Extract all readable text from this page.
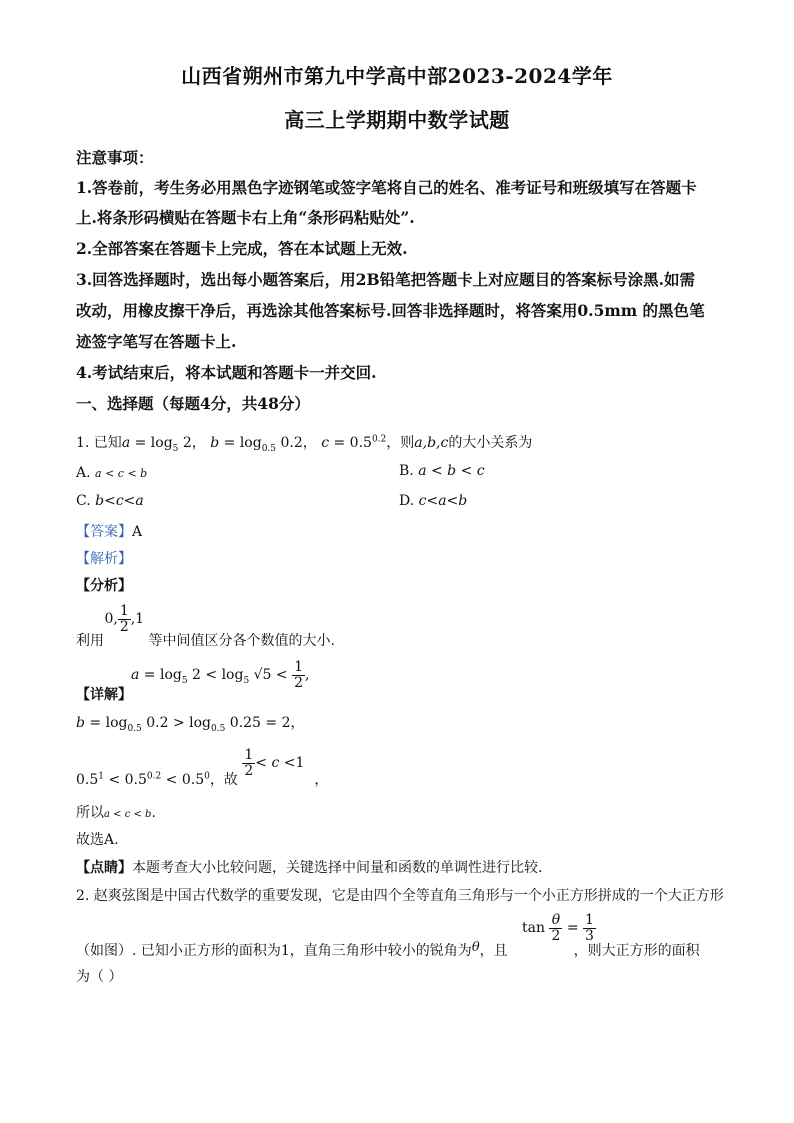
山西省朔州市第九中学高中部2023-2024学年
高三上学期期中数学试题
注意事项：
1.答卷前，考生务必用黑色字迹钢笔或签字笔将自己的姓名、准考证号和班级填写在答题卡
上.将条形码横贴在答题卡右上角“条形码粘贴处”.
2.全部答案在答题卡上完成，答在本试题上无效.
3.回答选择题时，选出每小题答案后，用2B铅笔把答题卡上对应题目的答案标号涂黑.如需
改动，用橡皮擦干净后，再选涂其他答案标号.回答非选择题时，将答案用0.5mm 的黑色笔
迹签字笔写在答题卡上.
4.考试结束后，将本试题和答题卡一并交回.
一、选择题（每题4分，共48分）
1. 已知$a = \log_5 2$， $b = \log_{0.5} 0.2$， $c = 0.5^{0.2}$，则a,b,c的大小关系为
A. a < c < b	B. a < b < c
C. b<c<a	D. c<a<b
【答案】A
【解析】
【分析】
利用 0, $\frac{1}{2} ,1$ 等中间值区分各个数值的大小.
$a = \log_5 2 < \log_5 √5 < \frac{1}{2}$ ,
【详解】
$b = \log_{0.5} 0.2 > \log_{0.5} 0.25 = 2$，
$0.5^1 < 0.5^{0.2} < 0.5^0$，故
$\frac{1}{2} < c <1$，
所以a < c < b.
故选A.
【点睛】本题考查大小比较问题，关键选择中间量和函数的单调性进行比较.
2. 赵爽弦图是中国古代数学的重要发现，它是由四个全等直角三角形与一个小正方形拼成的一个大正方形
$\tan \frac{\theta}{2} = \frac{1}{3}$
（如图）. 已知小正方形的面积为1，直角三角形中较小的锐角为θ，且	，则大正方形的面积
为（ ）
